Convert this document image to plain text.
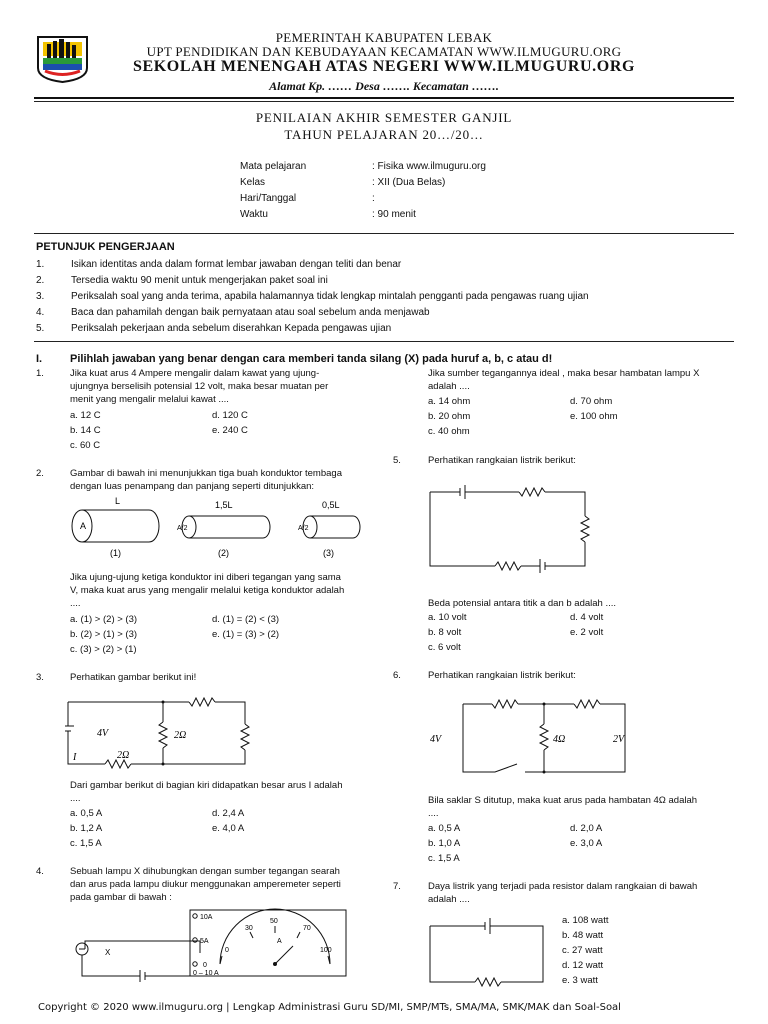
PEMERINTAH KABUPATEN LEBAK
UPT PENDIDIKAN DAN KEBUDAYAAN KECAMATAN WWW.ILMUGURU.ORG
SEKOLAH MENENGAH ATAS NEGERI WWW.ILMUGURU.ORG
Alamat Kp. …… Desa ……. Kecamatan …….
PENILAIAN AKHIR SEMESTER GANJIL
TAHUN PELAJARAN 20…/20…
Mata pelajaran	: Fisika www.ilmuguru.org
Kelas	: XII (Dua Belas)
Hari/Tanggal	:
Waktu	: 90 menit
PETUNJUK PENGERJAAN
1.	Isikan identitas anda dalam format lembar jawaban dengan teliti dan benar
2.	Tersedia waktu 90 menit untuk mengerjakan paket soal ini
3.	Periksalah soal yang anda terima, apabila halamannya tidak lengkap mintalah pengganti pada pengawas ruang ujian
4.	Baca dan pahamilah dengan baik pernyataan atau soal sebelum anda menjawab
5.	Periksalah pekerjaan anda sebelum diserahkan Kepada pengawas ujian
I.	Pilihlah jawaban yang benar dengan cara memberi tanda silang (X) pada huruf a, b, c atau d!
1.	Jika kuat arus 4 Ampere mengalir dalam kawat yang ujung-
ujungnya berselisih potensial 12 volt, maka besar muatan per
menit yang mengalir melalui kawat ....
a. 12 C	d. 120 C
b. 14 C	e. 240 C
c. 60 C
2.	Gambar di bawah ini menunjukkan tiga buah konduktor tembaga
dengan luas penampang dan panjang seperti ditunjukkan:
L	1,5L	0,5L
A	A/2	A/2
(1)	(2)	(3)
Jika ujung-ujung ketiga konduktor ini diberi tegangan yang sama
V, maka kuat arus yang mengalir melalui ketiga konduktor adalah
....
a. (1) > (2) > (3)	d. (1) = (2) < (3)
b. (2) > (1) > (3)	e. (1) = (3) > (2)
c. (3) > (2) > (1)
3.	Perhatikan gambar berikut ini!
4V	2Ω
2Ω
I
Dari gambar berikut di bagian kiri didapatkan besar arus I adalah
....
a. 0,5 A	d. 2,4 A
b. 1,2 A	e. 4,0 A
c. 1,5 A
4.	Sebuah lampu X dihubungkan dengan sumber tegangan searah
dan arus pada lampu diukur menggunakan amperemeter seperti
pada gambar di bawah :
X
10A
5A
0
0 – 10 A
0
30
50
70
100
A
Jika sumber tegangannya ideal , maka besar hambatan lampu X
adalah ....
a. 14 ohm	d. 70 ohm
b. 20 ohm	e. 100 ohm
c. 40 ohm
5.	Perhatikan rangkaian listrik berikut:
Beda potensial antara titik a dan b adalah ....
a. 10 volt	d. 4 volt
b. 8 volt	e. 2 volt
c. 6 volt
6.	Perhatikan rangkaian listrik berikut:
4V	4Ω	2V
Bila saklar S ditutup, maka kuat arus pada hambatan 4Ω adalah
....
a. 0,5 A	d. 2,0 A
b. 1,0 A	e. 3,0 A
c. 1,5 A
7.	Daya listrik yang terjadi pada resistor dalam rangkaian di bawah
adalah ....
a. 108 watt
b. 48 watt
c. 27 watt
d. 12 watt
e. 3 watt
Copyright © 2020 www.ilmuguru.org | Lengkap Administrasi Guru SD/MI, SMP/MTs, SMA/MA, SMK/MAK dan Soal-Soal
